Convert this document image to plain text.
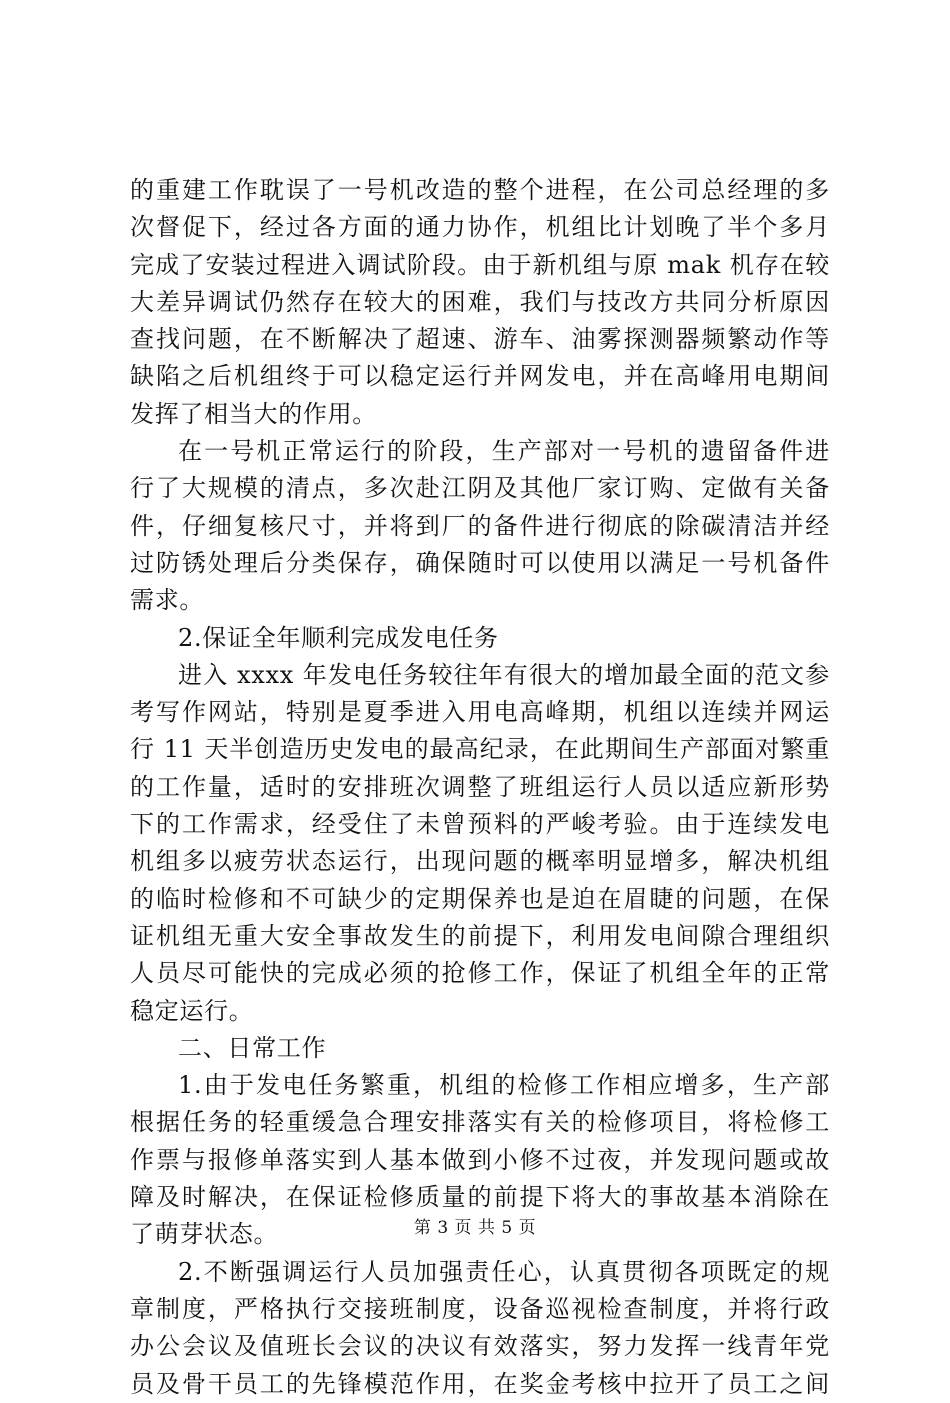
的重建工作耽误了一号机改造的整个进程，在公司总经理的多
次督促下，经过各方面的通力协作，机组比计划晚了半个多月
完成了安装过程进入调试阶段。由于新机组与原 mak 机存在较
大差异调试仍然存在较大的困难，我们与技改方共同分析原因
查找问题，在不断解决了超速、游车、油雾探测器频繁动作等
缺陷之后机组终于可以稳定运行并网发电，并在高峰用电期间
发挥了相当大的作用。
在一号机正常运行的阶段，生产部对一号机的遗留备件进
行了大规模的清点，多次赴江阴及其他厂家订购、定做有关备
件，仔细复核尺寸，并将到厂的备件进行彻底的除碳清洁并经
过防锈处理后分类保存，确保随时可以使用以满足一号机备件
需求。
2.保证全年顺利完成发电任务
进入 xxxx 年发电任务较往年有很大的增加最全面的范文参
考写作网站，特别是夏季进入用电高峰期，机组以连续并网运
行 11 天半创造历史发电的最高纪录，在此期间生产部面对繁重
的工作量，适时的安排班次调整了班组运行人员以适应新形势
下的工作需求，经受住了未曾预料的严峻考验。由于连续发电
机组多以疲劳状态运行，出现问题的概率明显增多，解决机组
的临时检修和不可缺少的定期保养也是迫在眉睫的问题，在保
证机组无重大安全事故发生的前提下，利用发电间隙合理组织
人员尽可能快的完成必须的抢修工作，保证了机组全年的正常
稳定运行。
二、日常工作
1.由于发电任务繁重，机组的检修工作相应增多，生产部
根据任务的轻重缓急合理安排落实有关的检修项目，将检修工
作票与报修单落实到人基本做到小修不过夜，并发现问题或故
障及时解决，在保证检修质量的前提下将大的事故基本消除在
了萌芽状态。
2.不断强调运行人员加强责任心，认真贯彻各项既定的规
章制度，严格执行交接班制度，设备巡视检查制度，并将行政
办公会议及值班长会议的决议有效落实，努力发挥一线青年党
员及骨干员工的先锋模范作用，在奖金考核中拉开了员工之间
第 3 页 共 5 页
